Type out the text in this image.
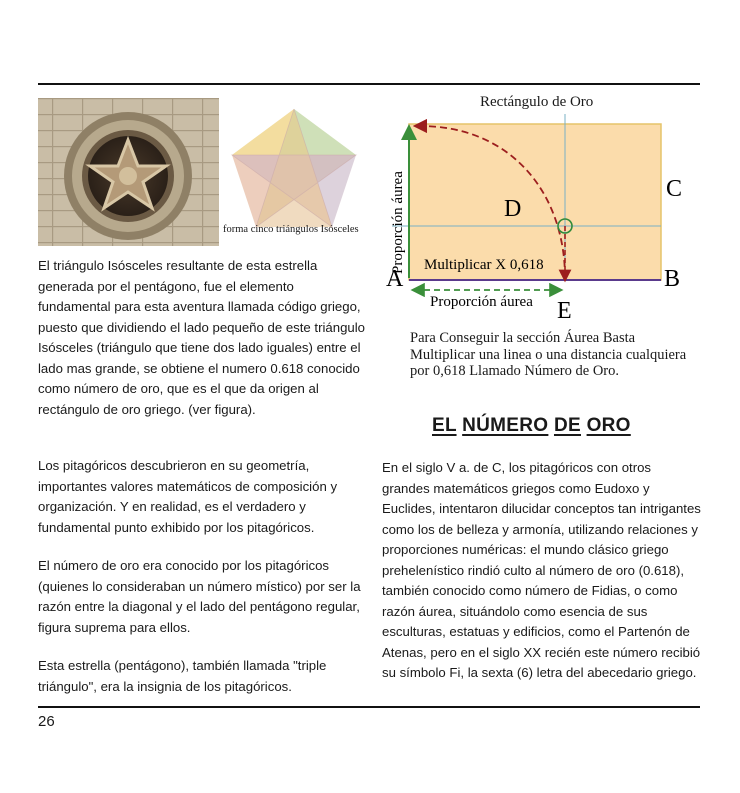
forma cinco triángulos Isósceles

El triángulo Isósceles resultante de esta estrella generada por el pentágono, fue el elemento fundamental para esta aventura llamada código griego, puesto que dividiendo el lado pequeño de este triángulo Isósceles (triángulo que tiene dos lado iguales) entre el lado mas grande, se obtiene el numero 0.618 conocido como número de oro, que es el que da origen al rectángulo de oro griego. (ver figura).

Los pitagóricos descubrieron en su geometría, importantes valores matemáticos de composición y organización. Y en realidad, es el verdadero y fundamental punto exhibido por los pitagóricos.

El número de oro era conocido por los pitagóricos (quienes lo consideraban un número místico) por ser la razón entre la diagonal y el lado del pentágono regular, figura suprema para ellos.

Esta estrella (pentágono), también llamada "triple triángulo", era la insignia de los pitagóricos.

Rectángulo de Oro
A	B
C
D
E
Multiplicar X 0,618
Proporción áurea
Proporción áurea

Para Conseguir la sección Áurea Basta Multiplicar una linea o una distancia cualquiera por 0,618 Llamado Número de Oro.

EL NÚMERO DE ORO

En el siglo V a. de C, los pitagóricos con otros grandes matemáticos griegos como Eudoxo y Euclides, intentaron dilucidar conceptos tan intrigantes como los de belleza y armonía, utilizando relaciones y proporciones numéricas: el mundo clásico griego prehelenístico rindió culto al número de oro (0.618), también conocido como número de Fidias, o como razón áurea, situándolo como esencia de sus esculturas, estatuas y edificios, como el Partenón de Atenas, pero en el siglo XX recién este número recibió su símbolo Fi, la sexta (6) letra del abecedario griego.

26
